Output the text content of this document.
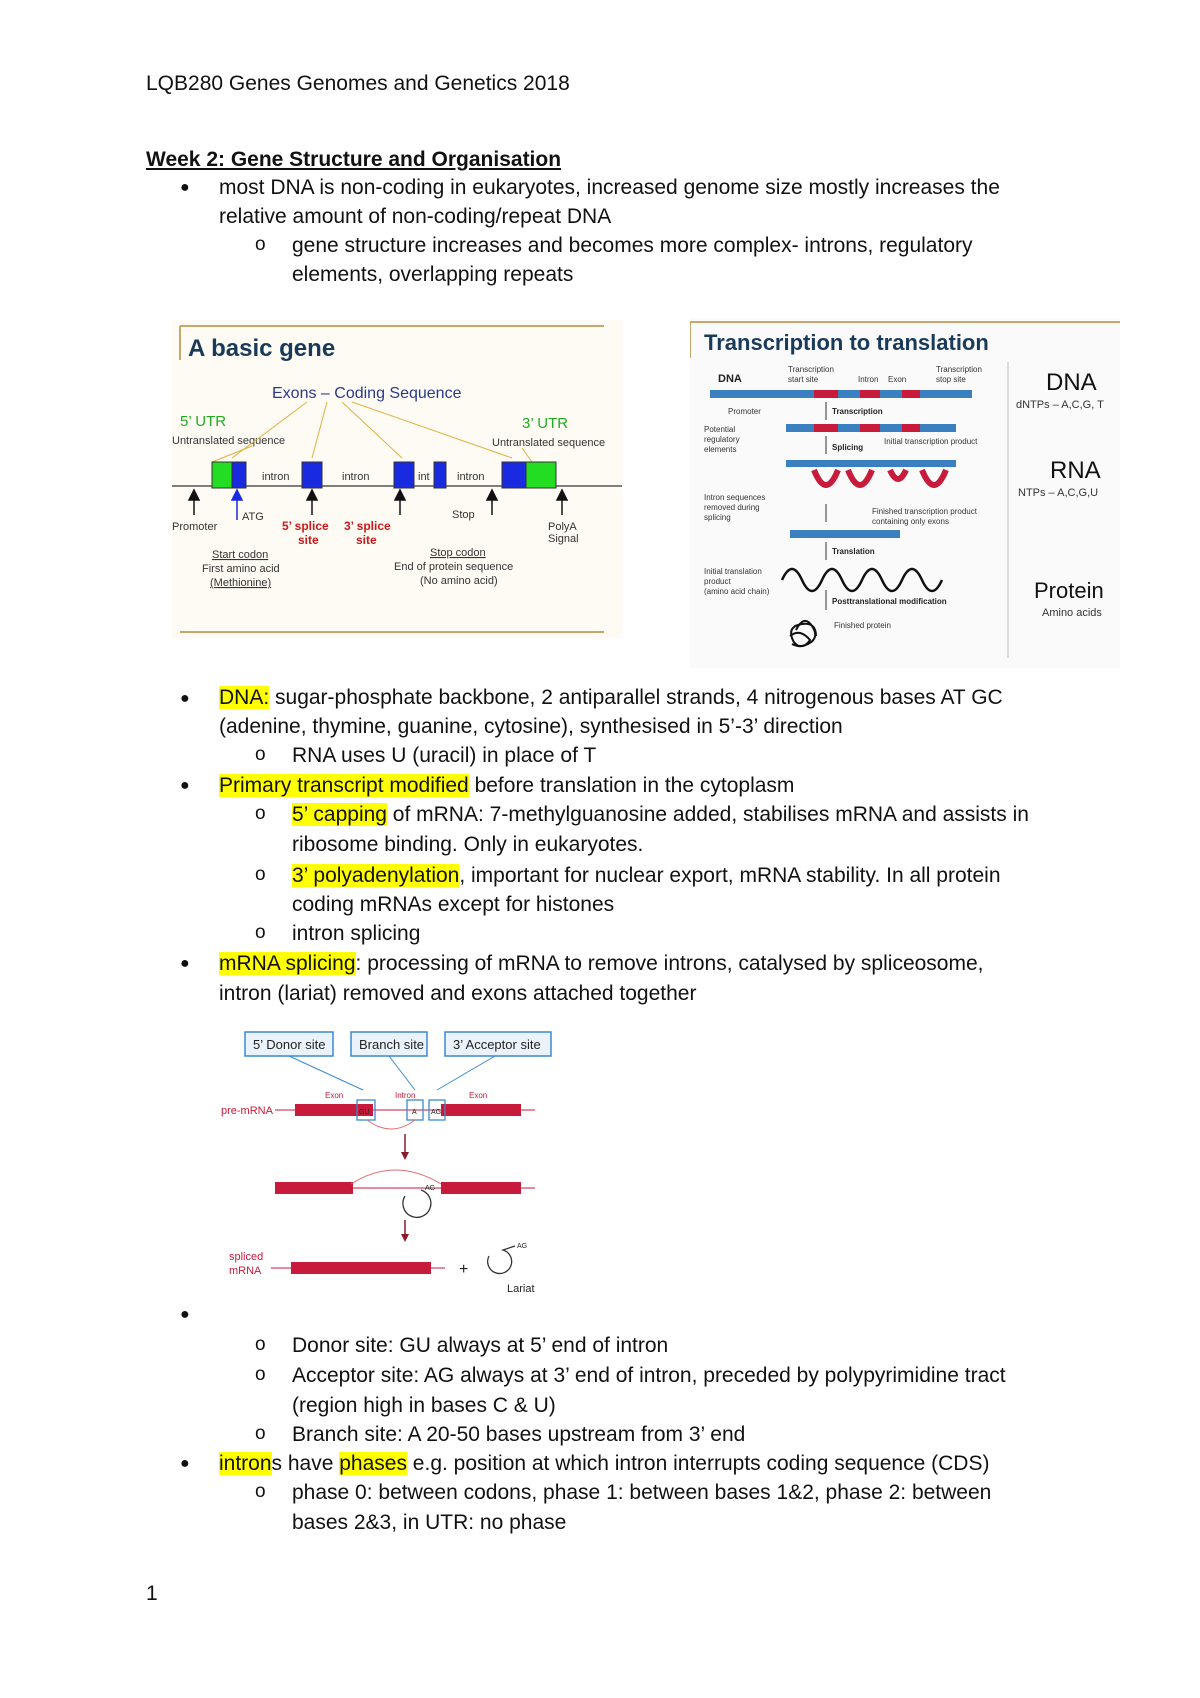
LQB280 Genes Genomes and Genetics 2018
Week 2: Gene Structure and Organisation
● most DNA is non-coding in eukaryotes, increased genome size mostly increases the
relative amount of non-coding/repeat DNA
o gene structure increases and becomes more complex- introns, regulatory
elements, overlapping repeats
A basic gene
Exons – Coding Sequence
5’ UTR	3’ UTR
Untranslated sequence	Untranslated sequence
intron	intron	int intron
Promoter
ATG
5’ splice
site
3’ splice
site
Stop
PolyA
Signal
Start codon
First amino acid
(Methionine)
Stop codon
End of protein sequence
(No amino acid)
Transcription to translation
DNA
Transcription
start site	Intron Exon
Transcription
stop site
Promoter	Transcription
Potential
regulatory
elements	Splicing
Initial transcription product
Intron sequences
removed during
splicing
Finished transcription product
containing only exons
Translation
Initial translation
product
(amino acid chain)
Posttranslational modification
Finished protein
DNA
dNTPs – A,C,G, T
RNA
NTPs – A,C,G,U
Protein
Amino acids
● DNA: sugar-phosphate backbone, 2 antiparallel strands, 4 nitrogenous bases AT GC
(adenine, thymine, guanine, cytosine), synthesised in 5’-3’ direction
o RNA uses U (uracil) in place of T
● Primary transcript modified before translation in the cytoplasm
o 5’ capping of mRNA: 7-methylguanosine added, stabilises mRNA and assists in
ribosome binding. Only in eukaryotes.
o 3’ polyadenylation, important for nuclear export, mRNA stability. In all protein
coding mRNAs except for histones
o intron splicing
● mRNA splicing: processing of mRNA to remove introns, catalysed by spliceosome,
intron (lariat) removed and exons attached together
5’ Donor site	Branch site 3’ Acceptor site
pre-mRNA
Exon	Intron	Exon
GU	A AG
AG
spliced
mRNA	+
AG
Lariat
●
o Donor site: GU always at 5’ end of intron
o Acceptor site: AG always at 3’ end of intron, preceded by polypyrimidine tract
(region high in bases C & U)
o Branch site: A 20-50 bases upstream from 3’ end
● introns have phases e.g. position at which intron interrupts coding sequence (CDS)
o phase 0: between codons, phase 1: between bases 1&2, phase 2: between
bases 2&3, in UTR: no phase
1
